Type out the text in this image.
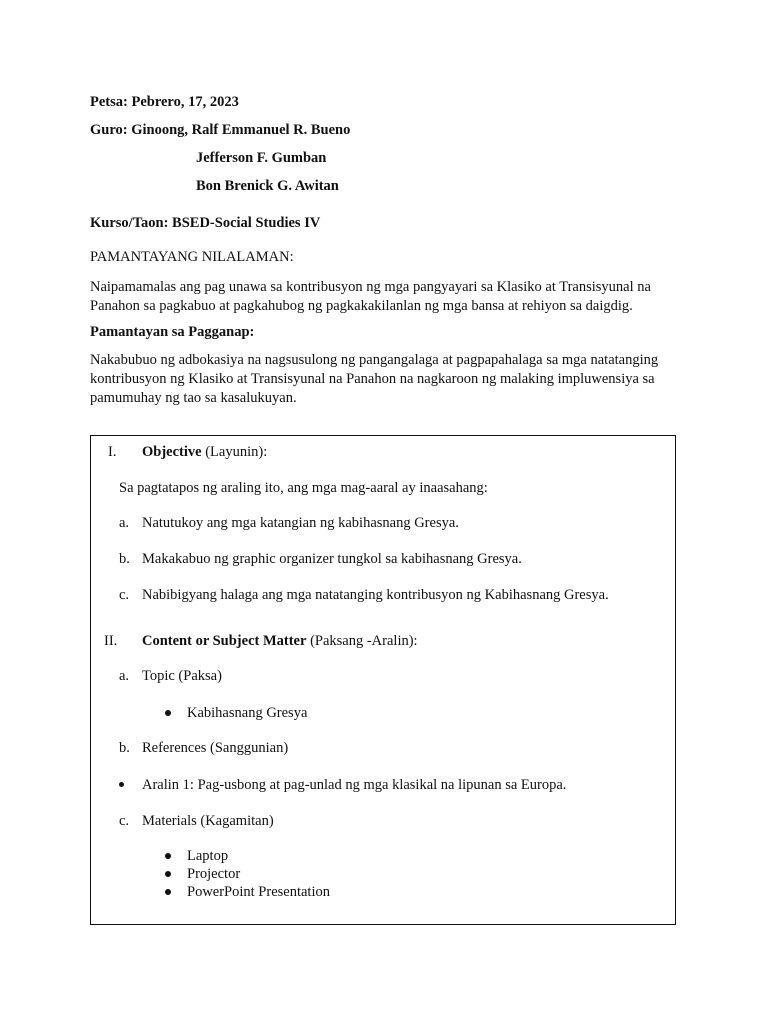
Petsa: Pebrero, 17, 2023
Guro: Ginoong, Ralf Emmanuel R. Bueno
Jefferson F. Gumban
Bon Brenick G. Awitan
Kurso/Taon: BSED-Social Studies IV
PAMANTAYANG NILALAMAN:
Naipamamalas ang pag unawa sa kontribusyon ng mga pangyayari sa Klasiko at Transisyunal na Panahon sa pagkabuo at pagkahubog ng pagkakakilanlan ng mga bansa at rehiyon sa daigdig.
Pamantayan sa Pagganap:
Nakabubuo ng adbokasiya na nagsusulong ng pangangalaga at pagpapahalaga sa mga natatanging kontribusyon ng Klasiko at Transisyunal na Panahon na nagkaroon ng malaking impluwensiya sa pamumuhay ng tao sa kasalukuyan.
I. Objective (Layunin):
Sa pagtatapos ng araling ito, ang mga mag-aaral ay inaasahang:
a. Natutukoy ang mga katangian ng kabihasnang Gresya.
b. Makakabuo ng graphic organizer tungkol sa kabihasnang Gresya.
c. Nabibigyang halaga ang mga natatanging kontribusyon ng Kabihasnang Gresya.
II. Content or Subject Matter (Paksang -Aralin):
a. Topic (Paksa)
Kabihasnang Gresya
b. References (Sanggunian)
Aralin 1: Pag-usbong at pag-unlad ng mga klasikal na lipunan sa Europa.
c. Materials (Kagamitan)
Laptop
Projector
PowerPoint Presentation
